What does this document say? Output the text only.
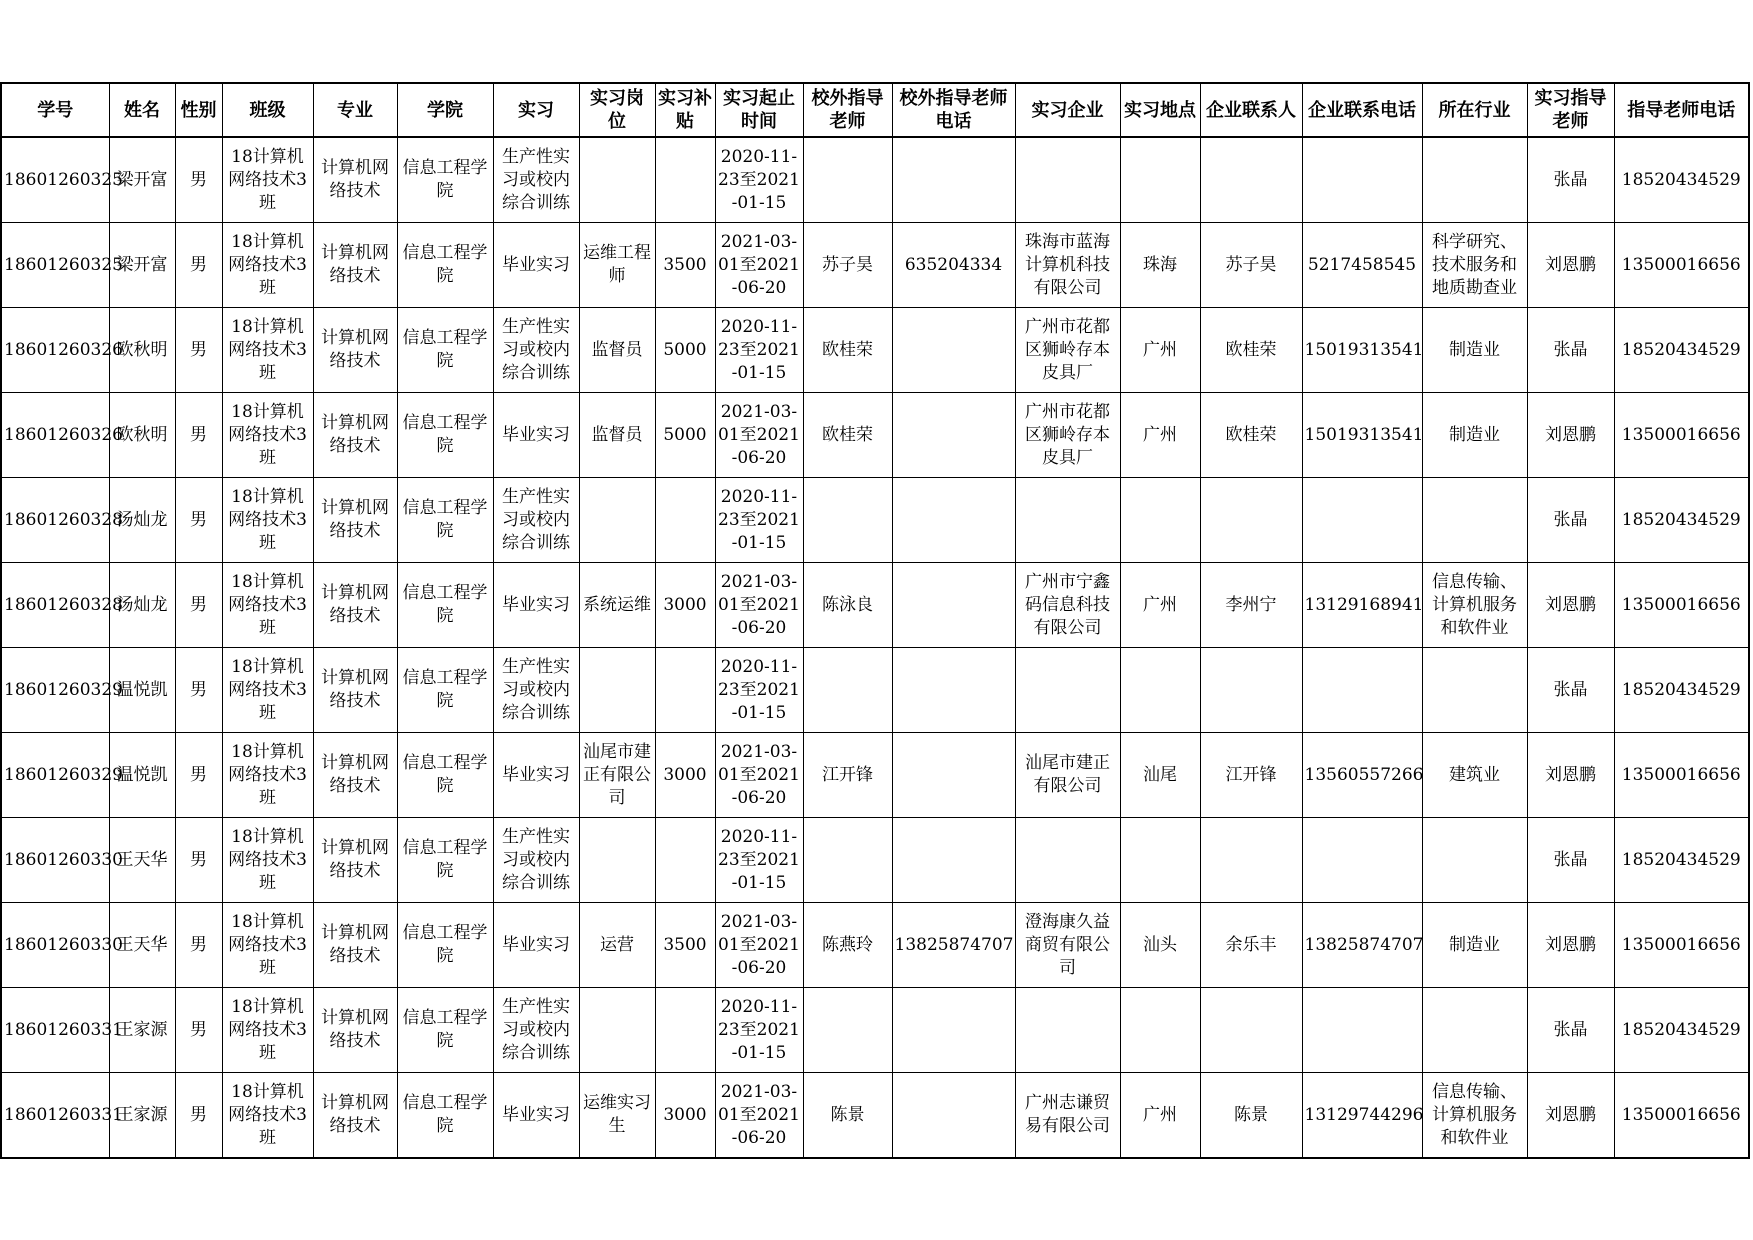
学号	姓名	性别	班级	专业	学院	实习	实习岗位	实习补贴	实习起止时间	校外指导老师	校外指导老师电话	实习企业	实习地点	企业联系人	企业联系电话	所在行业	实习指导老师	指导老师电话

18601260325	梁开富	男	18计算机网络技术3班	计算机网络技术	信息工程学院	生产性实习或校内综合训练			2020-11-23至2021-01-15								张晶	18520434529

18601260325	梁开富	男	18计算机网络技术3班	计算机网络技术	信息工程学院	毕业实习	运维工程师	3500	2021-03-01至2021-06-20	苏子昊	635204334	珠海市蓝海计算机科技有限公司	珠海	苏子昊	5217458545	科学研究、技术服务和地质勘查业	刘恩鹏	13500016656

18601260326	欧秋明	男	18计算机网络技术3班	计算机网络技术	信息工程学院	生产性实习或校内综合训练	监督员	5000	2020-11-23至2021-01-15	欧桂荣		广州市花都区狮岭存本皮具厂	广州	欧桂荣	15019313541	制造业	张晶	18520434529

18601260326	欧秋明	男	18计算机网络技术3班	计算机网络技术	信息工程学院	毕业实习	监督员	5000	2021-03-01至2021-06-20	欧桂荣		广州市花都区狮岭存本皮具厂	广州	欧桂荣	15019313541	制造业	刘恩鹏	13500016656

18601260328	汤灿龙	男	18计算机网络技术3班	计算机网络技术	信息工程学院	生产性实习或校内综合训练			2020-11-23至2021-01-15								张晶	18520434529

18601260328	汤灿龙	男	18计算机网络技术3班	计算机网络技术	信息工程学院	毕业实习	系统运维	3000	2021-03-01至2021-06-20	陈泳良		广州市宁鑫码信息科技有限公司	广州	李州宁	13129168941	信息传输、计算机服务和软件业	刘恩鹏	13500016656

18601260329	温悦凯	男	18计算机网络技术3班	计算机网络技术	信息工程学院	生产性实习或校内综合训练			2020-11-23至2021-01-15								张晶	18520434529

18601260329	温悦凯	男	18计算机网络技术3班	计算机网络技术	信息工程学院	毕业实习	汕尾市建正有限公司	3000	2021-03-01至2021-06-20	江开锋		汕尾市建正有限公司	汕尾	江开锋	13560557266	建筑业	刘恩鹏	13500016656

18601260330	王天华	男	18计算机网络技术3班	计算机网络技术	信息工程学院	生产性实习或校内综合训练			2020-11-23至2021-01-15								张晶	18520434529

18601260330	王天华	男	18计算机网络技术3班	计算机网络技术	信息工程学院	毕业实习	运营	3500	2021-03-01至2021-06-20	陈燕玲	13825874707	澄海康久益商贸有限公司	汕头	余乐丰	13825874707	制造业	刘恩鹏	13500016656

18601260331	王家源	男	18计算机网络技术3班	计算机网络技术	信息工程学院	生产性实习或校内综合训练			2020-11-23至2021-01-15								张晶	18520434529

18601260331	王家源	男	18计算机网络技术3班	计算机网络技术	信息工程学院	毕业实习	运维实习生	3000	2021-03-01至2021-06-20	陈景		广州志谦贸易有限公司	广州	陈景	13129744296	信息传输、计算机服务和软件业	刘恩鹏	13500016656
